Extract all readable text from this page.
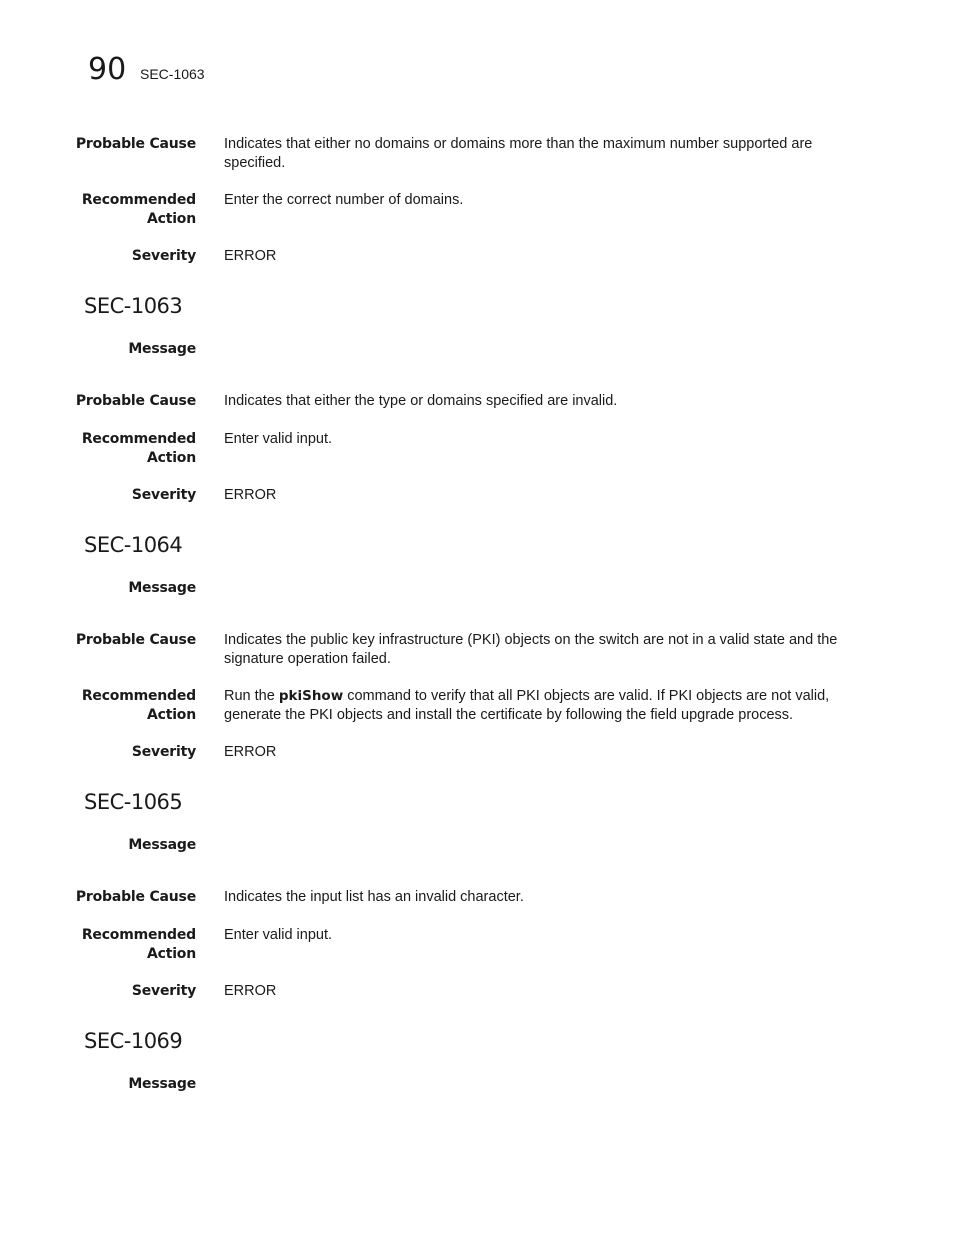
90 SEC-1063
Probable Cause Indicates that either no domains or domains more than the maximum number supported are specified.
Recommended
Action
Enter the correct number of domains.
Severity ERROR
SEC-1063
Message
Probable Cause Indicates that either the type or domains specified are invalid.
Recommended
Action
Enter valid input.
Severity ERROR
SEC-1064
Message
Probable Cause Indicates the public key infrastructure (PKI) objects on the switch are not in a valid state and the signature operation failed.
Recommended
Action
Run the pkiShow command to verify that all PKI objects are valid. If PKI objects are not valid, generate the PKI objects and install the certificate by following the field upgrade process.
Severity ERROR
SEC-1065
Message
Probable Cause Indicates the input list has an invalid character.
Recommended
Action
Enter valid input.
Severity ERROR
SEC-1069
Message
